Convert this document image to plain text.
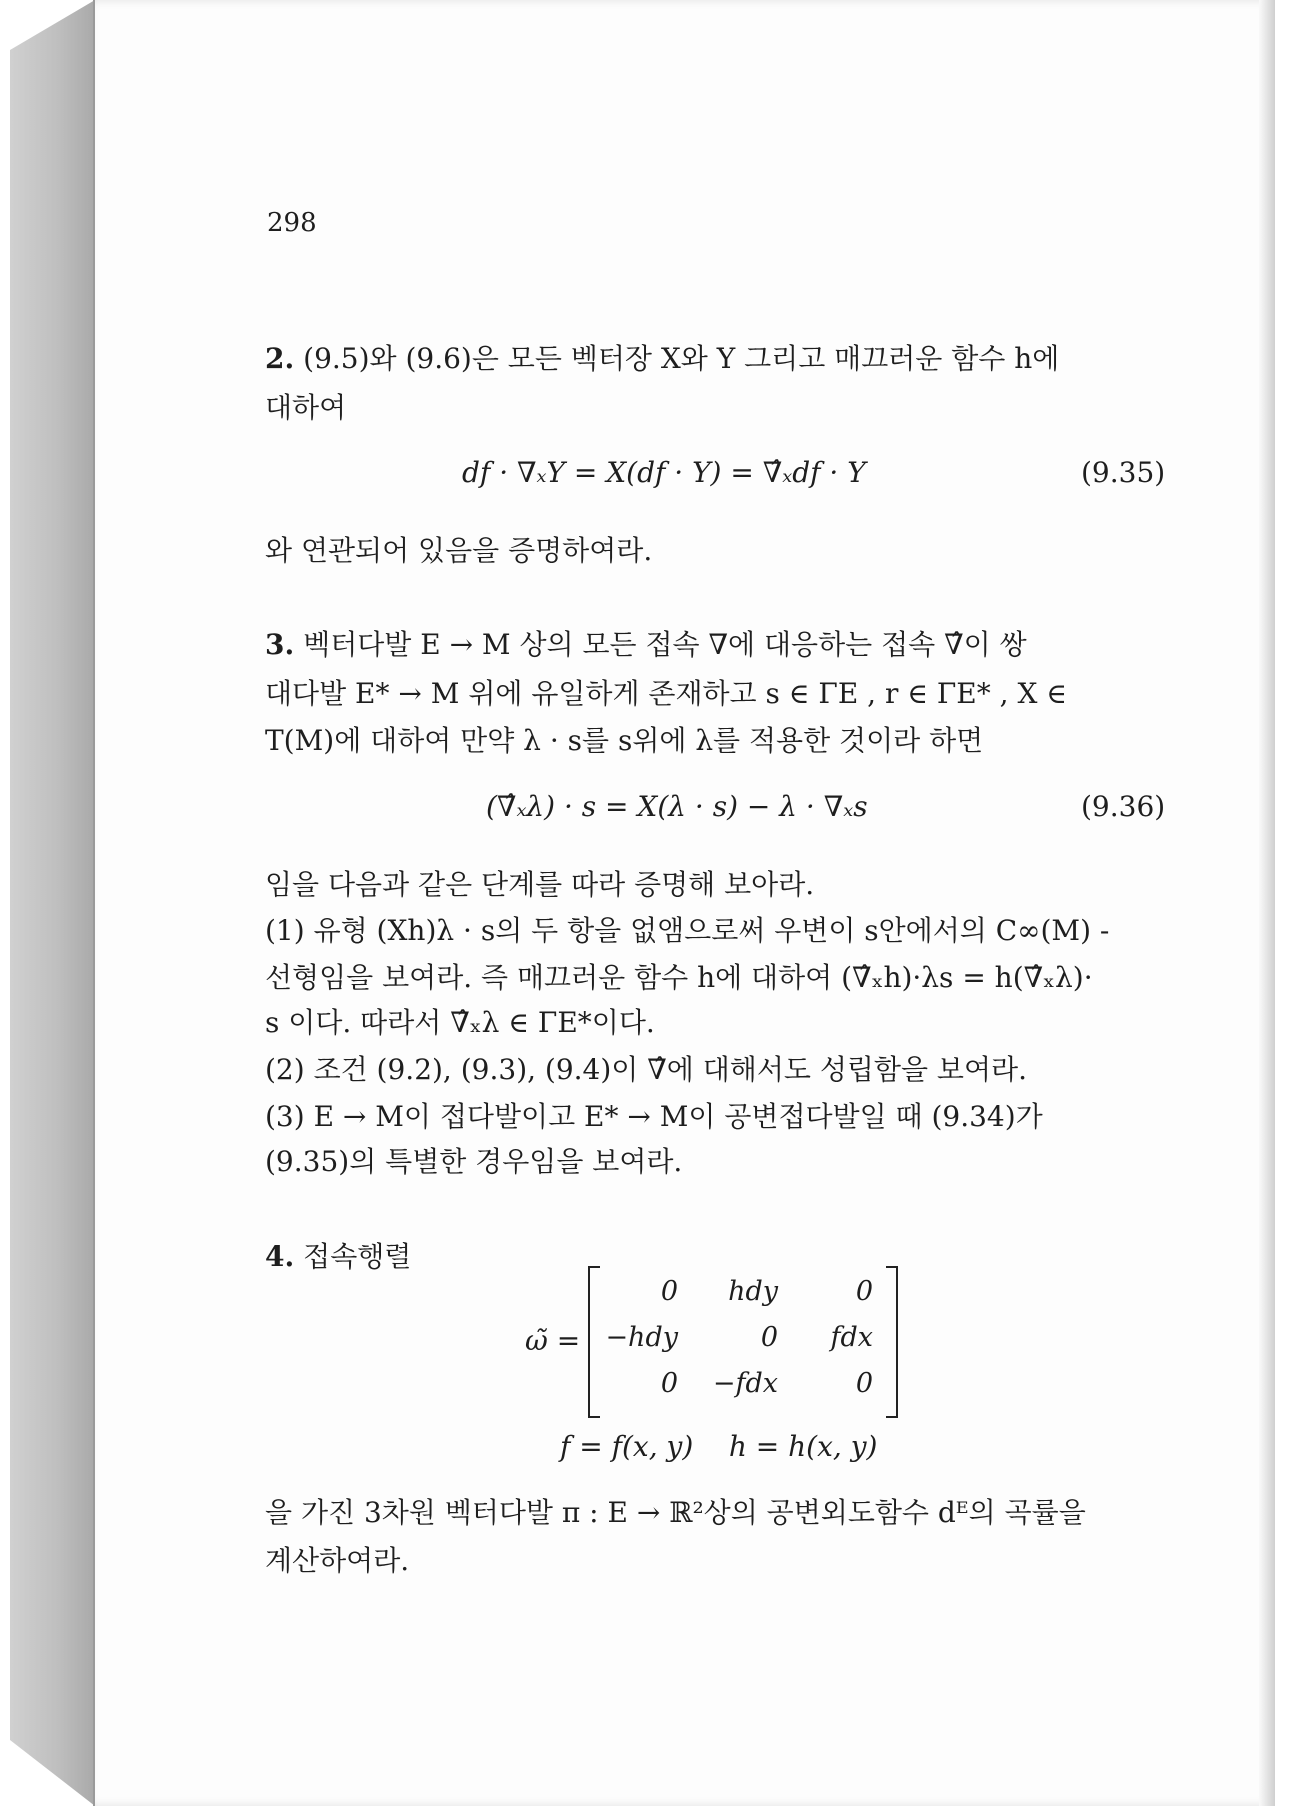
298
2. (9.5)와 (9.6)은 모든 벡터장 X와 Y 그리고 매끄러운 함수 h에
대하여
df · ∇ₓY = X(df · Y) = ∇̂ₓdf · Y	(9.35)
와 연관되어 있음을 증명하여라.
3. 벡터다발 E → M 상의 모든 접속 ∇에 대응하는 접속 ∇̂이 쌍
대다발 E* → M 위에 유일하게 존재하고 s ∈ ΓE , r ∈ ΓE* , X ∈
T(M)에 대하여 만약 λ · s를 s위에 λ를 적용한 것이라 하면
(∇̂ₓλ) · s = X(λ · s) − λ · ∇ₓs	(9.36)
임을 다음과 같은 단계를 따라 증명해 보아라.
(1) 유형 (Xh)λ · s의 두 항을 없앰으로써 우변이 s안에서의 C∞(M) -
선형임을 보여라. 즉 매끄러운 함수 h에 대하여 (∇̂ₓh)·λs = h(∇̂ₓλ)·
s 이다. 따라서 ∇̂ₓλ ∈ ΓE*이다.
(2) 조건 (9.2), (9.3), (9.4)이 ∇̂에 대해서도 성립함을 보여라.
(3) E → M이 접다발이고 E* → M이 공변접다발일 때 (9.34)가
(9.35)의 특별한 경우임을 보여라.
4. 접속행렬
ω̃ =
0	hdy	0
−hdy	0	fdx
0	−fdx	0
f = f(x, y)    h = h(x, y)
을 가진 3차원 벡터다발 π : E → ℝ²상의 공변외도함수 dᴱ의 곡률을
계산하여라.
